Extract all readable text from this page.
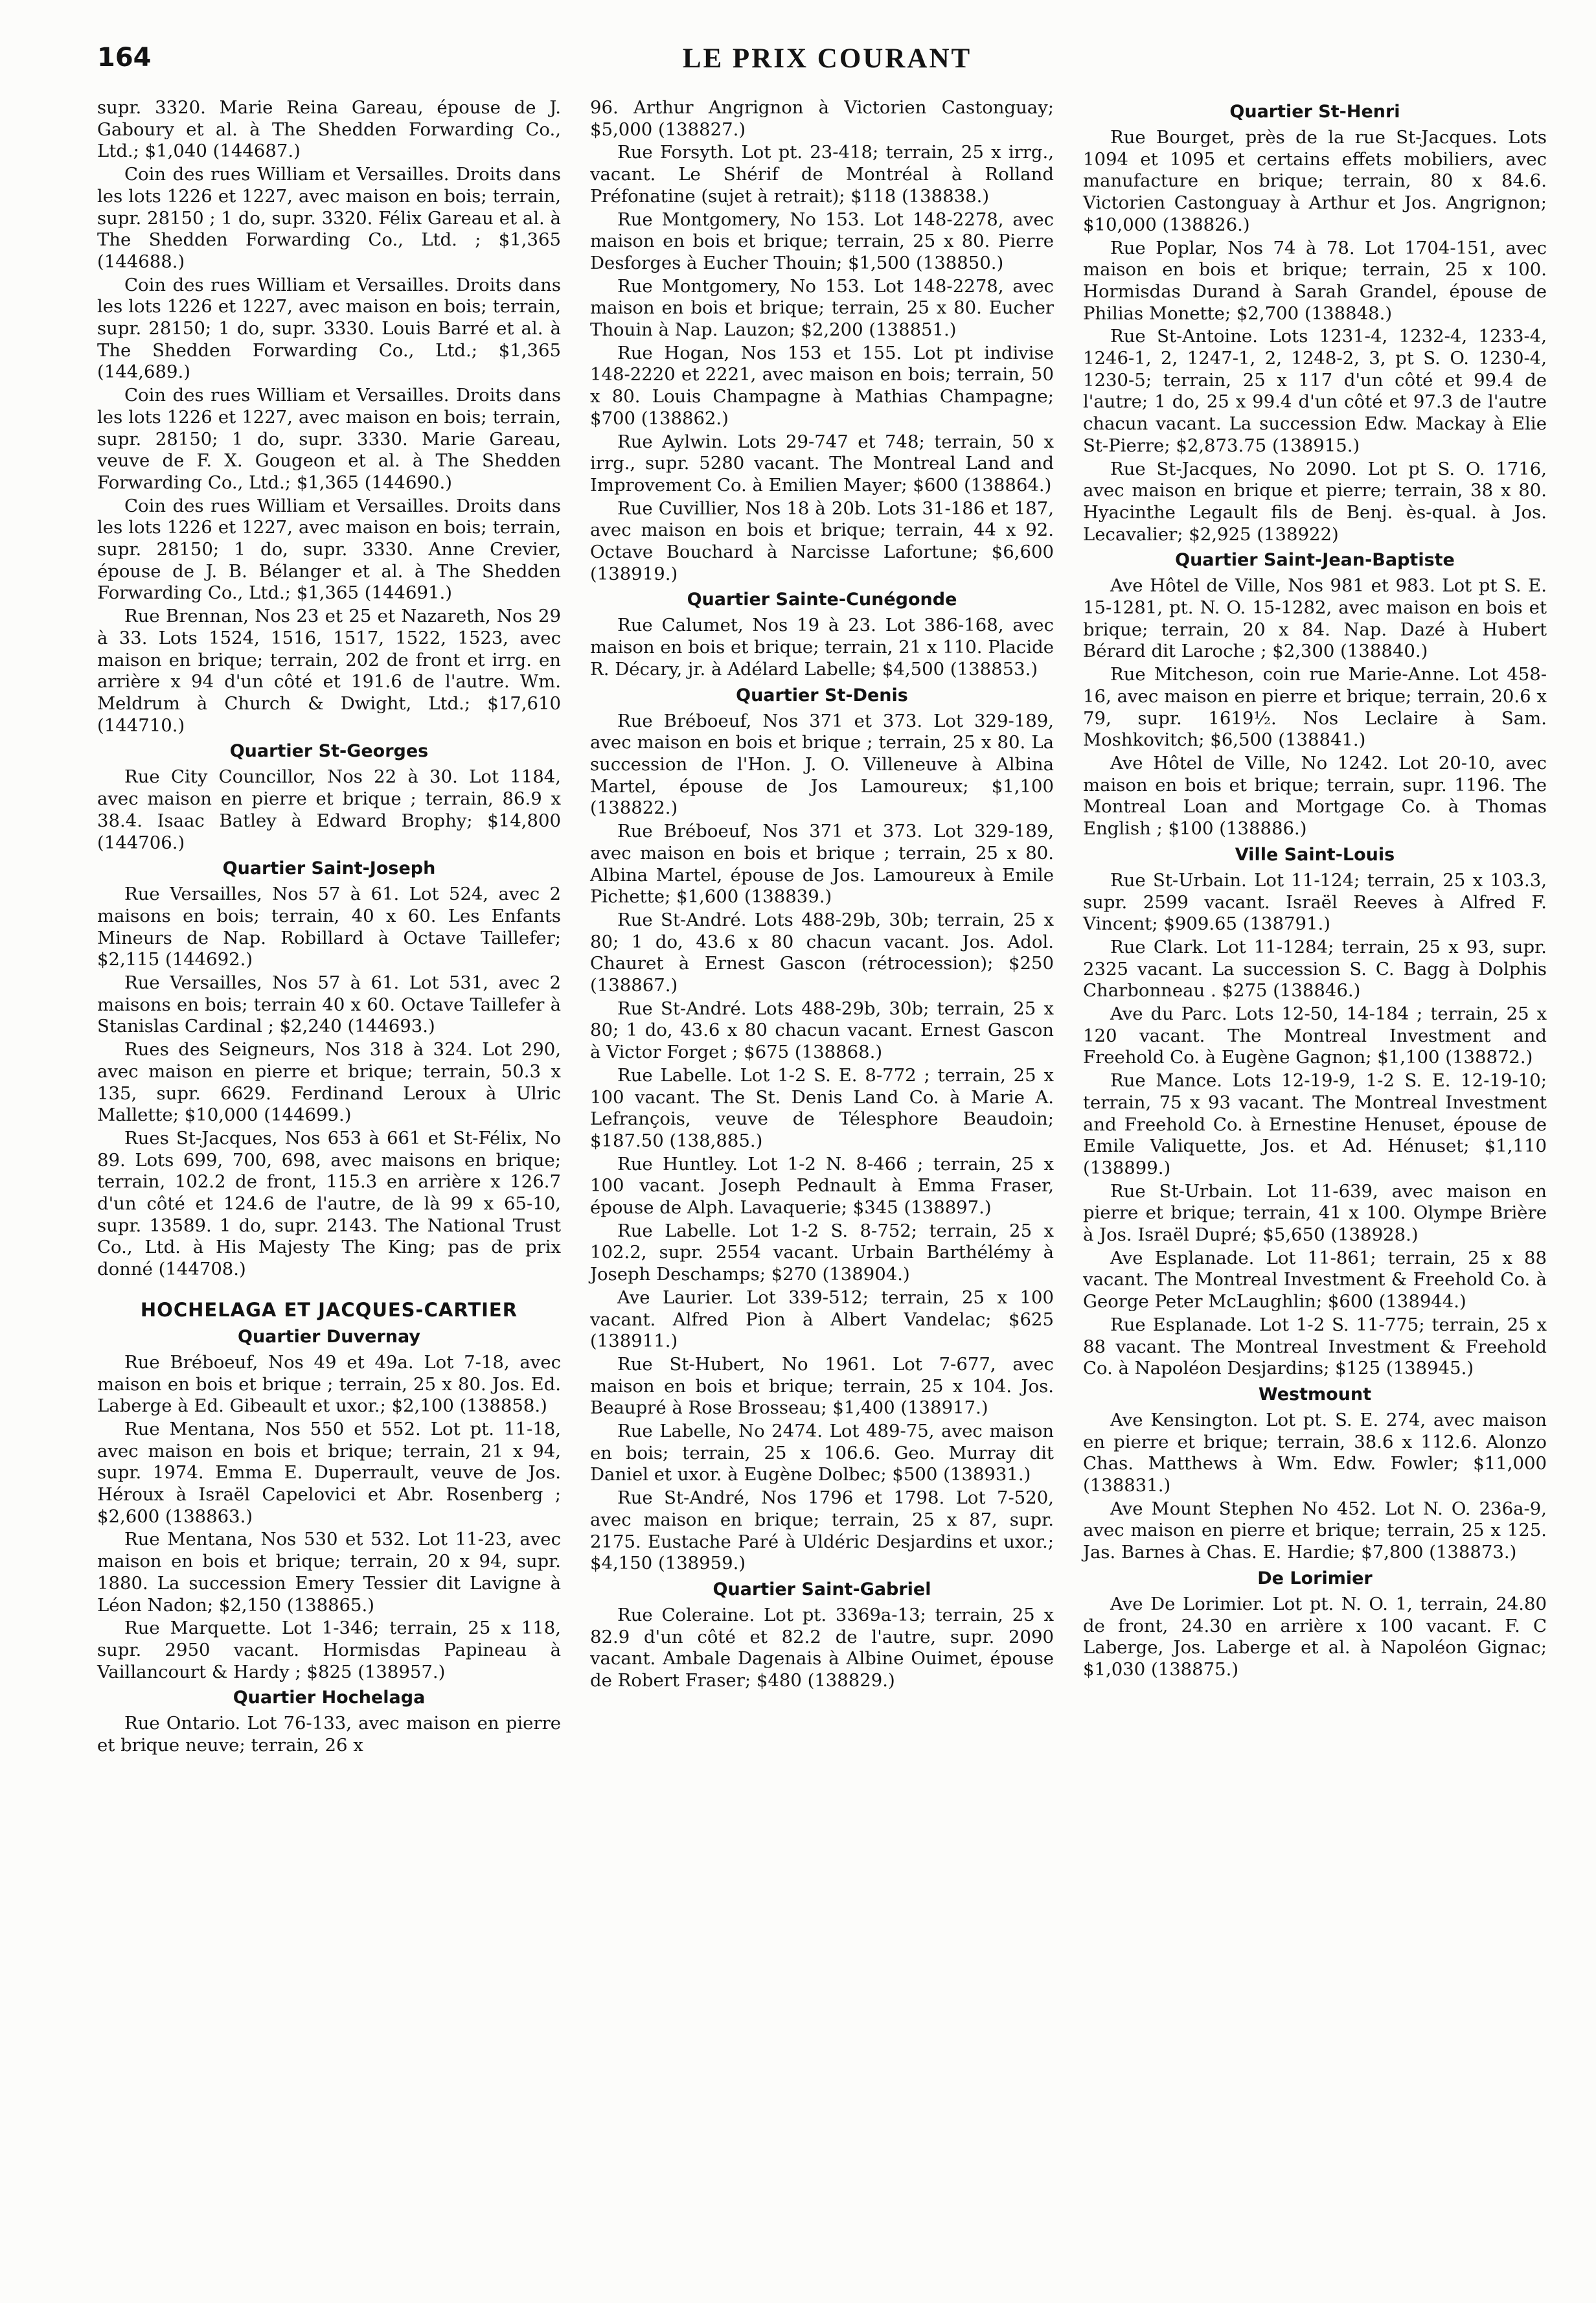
164	LE PRIX COURANT

supr. 3320. Marie Reina Gareau, épouse de J. Gaboury et al. à The Shedden Forwarding Co., Ltd.; $1,040 (144687.)

Coin des rues William et Versailles. Droits dans les lots 1226 et 1227, avec maison en bois; terrain, supr. 28150 ; 1 do, supr. 3320. Félix Gareau et al. à The Shedden Forwarding Co., Ltd. ; $1,365 (144688.)

Coin des rues William et Versailles. Droits dans les lots 1226 et 1227, avec maison en bois; terrain, supr. 28150; 1 do, supr. 3330. Louis Barré et al. à The Shedden Forwarding Co., Ltd.; $1,365 (144,689.)

Coin des rues William et Versailles. Droits dans les lots 1226 et 1227, avec maison en bois; terrain, supr. 28150; 1 do, supr. 3330. Marie Gareau, veuve de F. X. Gougeon et al. à The Shedden Forwarding Co., Ltd.; $1,365 (144690.)

Coin des rues William et Versailles. Droits dans les lots 1226 et 1227, avec maison en bois; terrain, supr. 28150; 1 do, supr. 3330. Anne Crevier, épouse de J. B. Bélanger et al. à The Shedden Forwarding Co., Ltd.; $1,365 (144691.)

Rue Brennan, Nos 23 et 25 et Nazareth, Nos 29 à 33. Lots 1524, 1516, 1517, 1522, 1523, avec maison en brique; terrain, 202 de front et irrg. en arrière x 94 d'un côté et 191.6 de l'autre. Wm. Meldrum à Church & Dwight, Ltd.; $17,610 (144710.)

Quartier St-Georges

Rue City Councillor, Nos 22 à 30. Lot 1184, avec maison en pierre et brique ; terrain, 86.9 x 38.4. Isaac Batley à Edward Brophy; $14,800 (144706.)

Quartier Saint-Joseph

Rue Versailles, Nos 57 à 61. Lot 524, avec 2 maisons en bois; terrain, 40 x 60. Les Enfants Mineurs de Nap. Robillard à Octave Taillefer; $2,115 (144692.)

Rue Versailles, Nos 57 à 61. Lot 531, avec 2 maisons en bois; terrain 40 x 60. Octave Taillefer à Stanislas Cardinal ; $2,240 (144693.)

Rues des Seigneurs, Nos 318 à 324. Lot 290, avec maison en pierre et brique; terrain, 50.3 x 135, supr. 6629. Ferdinand Leroux à Ulric Mallette; $10,000 (144699.)

Rues St-Jacques, Nos 653 à 661 et St-Félix, No 89. Lots 699, 700, 698, avec maisons en brique; terrain, 102.2 de front, 115.3 en arrière x 126.7 d'un côté et 124.6 de l'autre, de là 99 x 65-10, supr. 13589. 1 do, supr. 2143. The National Trust Co., Ltd. à His Majesty The King; pas de prix donné (144708.)

HOCHELAGA ET JACQUES-CARTIER
Quartier Duvernay

Rue Bréboeuf, Nos 49 et 49a. Lot 7-18, avec maison en bois et brique ; terrain, 25 x 80. Jos. Ed. Laberge à Ed. Gibeault et uxor.; $2,100 (138858.)

Rue Mentana, Nos 550 et 552. Lot pt. 11-18, avec maison en bois et brique; terrain, 21 x 94, supr. 1974. Emma E. Duperrault, veuve de Jos. Héroux à Israël Capelovici et Abr. Rosenberg ; $2,600 (138863.)

Rue Mentana, Nos 530 et 532. Lot 11-23, avec maison en bois et brique; terrain, 20 x 94, supr. 1880. La succession Emery Tessier dit Lavigne à Léon Nadon; $2,150 (138865.)

Rue Marquette. Lot 1-346; terrain, 25 x 118, supr. 2950 vacant. Hormisdas Papineau à Vaillancourt & Hardy ; $825 (138957.)

Quartier Hochelaga

Rue Ontario. Lot 76-133, avec maison en pierre et brique neuve; terrain, 26 x

96. Arthur Angrignon à Victorien Castonguay; $5,000 (138827.)

Rue Forsyth. Lot pt. 23-418; terrain, 25 x irrg., vacant. Le Shérif de Montréal à Rolland Préfonatine (sujet à retrait); $118 (138838.)

Rue Montgomery, No 153. Lot 148-2278, avec maison en bois et brique; terrain, 25 x 80. Pierre Desforges à Eucher Thouin; $1,500 (138850.)

Rue Montgomery, No 153. Lot 148-2278, avec maison en bois et brique; terrain, 25 x 80. Eucher Thouin à Nap. Lauzon; $2,200 (138851.)

Rue Hogan, Nos 153 et 155. Lot pt indivise 148-2220 et 2221, avec maison en bois; terrain, 50 x 80. Louis Champagne à Mathias Champagne; $700 (138862.)

Rue Aylwin. Lots 29-747 et 748; terrain, 50 x irrg., supr. 5280 vacant. The Montreal Land and Improvement Co. à Emilien Mayer; $600 (138864.)

Rue Cuvillier, Nos 18 à 20b. Lots 31-186 et 187, avec maison en bois et brique; terrain, 44 x 92. Octave Bouchard à Narcisse Lafortune; $6,600 (138919.)

Quartier Sainte-Cunégonde

Rue Calumet, Nos 19 à 23. Lot 386-168, avec maison en bois et brique; terrain, 21 x 110. Placide R. Décary, jr. à Adélard Labelle; $4,500 (138853.)

Quartier St-Denis

Rue Bréboeuf, Nos 371 et 373. Lot 329-189, avec maison en bois et brique ; terrain, 25 x 80. La succession de l'Hon. J. O. Villeneuve à Albina Martel, épouse de Jos Lamoureux; $1,100 (138822.)

Rue Bréboeuf, Nos 371 et 373. Lot 329-189, avec maison en bois et brique ; terrain, 25 x 80. Albina Martel, épouse de Jos. Lamoureux à Emile Pichette; $1,600 (138839.)

Rue St-André. Lots 488-29b, 30b; terrain, 25 x 80; 1 do, 43.6 x 80 chacun vacant. Jos. Adol. Chauret à Ernest Gascon (rétrocession); $250 (138867.)

Rue St-André. Lots 488-29b, 30b; terrain, 25 x 80; 1 do, 43.6 x 80 chacun vacant. Ernest Gascon à Victor Forget ; $675 (138868.)

Rue Labelle. Lot 1-2 S. E. 8-772 ; terrain, 25 x 100 vacant. The St. Denis Land Co. à Marie A. Lefrançois, veuve de Télesphore Beaudoin; $187.50 (138,885.)

Rue Huntley. Lot 1-2 N. 8-466 ; terrain, 25 x 100 vacant. Joseph Pednault à Emma Fraser, épouse de Alph. Lavaquerie; $345 (138897.)

Rue Labelle. Lot 1-2 S. 8-752; terrain, 25 x 102.2, supr. 2554 vacant. Urbain Barthélémy à Joseph Deschamps; $270 (138904.)

Ave Laurier. Lot 339-512; terrain, 25 x 100 vacant. Alfred Pion à Albert Vandelac; $625 (138911.)

Rue St-Hubert, No 1961. Lot 7-677, avec maison en bois et brique; terrain, 25 x 104. Jos. Beaupré à Rose Brosseau; $1,400 (138917.)

Rue Labelle, No 2474. Lot 489-75, avec maison en bois; terrain, 25 x 106.6. Geo. Murray dit Daniel et uxor. à Eugène Dolbec; $500 (138931.)

Rue St-André, Nos 1796 et 1798. Lot 7-520, avec maison en brique; terrain, 25 x 87, supr. 2175. Eustache Paré à Uldéric Desjardins et uxor.; $4,150 (138959.)

Quartier Saint-Gabriel

Rue Coleraine. Lot pt. 3369a-13; terrain, 25 x 82.9 d'un côté et 82.2 de l'autre, supr. 2090 vacant. Ambale Dagenais à Albine Ouimet, épouse de Robert Fraser; $480 (138829.)

Quartier St-Henri

Rue Bourget, près de la rue St-Jacques. Lots 1094 et 1095 et certains effets mobiliers, avec manufacture en brique; terrain, 80 x 84.6. Victorien Castonguay à Arthur et Jos. Angrignon; $10,000 (138826.)

Rue Poplar, Nos 74 à 78. Lot 1704-151, avec maison en bois et brique; terrain, 25 x 100. Hormisdas Durand à Sarah Grandel, épouse de Philias Monette; $2,700 (138848.)

Rue St-Antoine. Lots 1231-4, 1232-4, 1233-4, 1246-1, 2, 1247-1, 2, 1248-2, 3, pt S. O. 1230-4, 1230-5; terrain, 25 x 117 d'un côté et 99.4 de l'autre; 1 do, 25 x 99.4 d'un côté et 97.3 de l'autre chacun vacant. La succession Edw. Mackay à Elie St-Pierre; $2,873.75 (138915.)

Rue St-Jacques, No 2090. Lot pt S. O. 1716, avec maison en brique et pierre; terrain, 38 x 80. Hyacinthe Legault fils de Benj. ès-qual. à Jos. Lecavalier; $2,925 (138922)

Quartier Saint-Jean-Baptiste

Ave Hôtel de Ville, Nos 981 et 983. Lot pt S. E. 15-1281, pt. N. O. 15-1282, avec maison en bois et brique; terrain, 20 x 84. Nap. Dazé à Hubert Bérard dit Laroche ; $2,300 (138840.)

Rue Mitcheson, coin rue Marie-Anne. Lot 458-16, avec maison en pierre et brique; terrain, 20.6 x 79, supr. 1619½. Nos Leclaire à Sam. Moshkovitch; $6,500 (138841.)

Ave Hôtel de Ville, No 1242. Lot 20-10, avec maison en bois et brique; terrain, supr. 1196. The Montreal Loan and Mortgage Co. à Thomas English ; $100 (138886.)

Ville Saint-Louis

Rue St-Urbain. Lot 11-124; terrain, 25 x 103.3, supr. 2599 vacant. Israël Reeves à Alfred F. Vincent; $909.65 (138791.)

Rue Clark. Lot 11-1284; terrain, 25 x 93, supr. 2325 vacant. La succession S. C. Bagg à Dolphis Charbonneau . $275 (138846.)

Ave du Parc. Lots 12-50, 14-184 ; terrain, 25 x 120 vacant. The Montreal Investment and Freehold Co. à Eugène Gagnon; $1,100 (138872.)

Rue Mance. Lots 12-19-9, 1-2 S. E. 12-19-10; terrain, 75 x 93 vacant. The Montreal Investment and Freehold Co. à Ernestine Henuset, épouse de Emile Valiquette, Jos. et Ad. Hénuset; $1,110 (138899.)

Rue St-Urbain. Lot 11-639, avec maison en pierre et brique; terrain, 41 x 100. Olympe Brière à Jos. Israël Dupré; $5,650 (138928.)

Ave Esplanade. Lot 11-861; terrain, 25 x 88 vacant. The Montreal Investment & Freehold Co. à George Peter McLaughlin; $600 (138944.)

Rue Esplanade. Lot 1-2 S. 11-775; terrain, 25 x 88 vacant. The Montreal Investment & Freehold Co. à Napoléon Desjardins; $125 (138945.)

Westmount

Ave Kensington. Lot pt. S. E. 274, avec maison en pierre et brique; terrain, 38.6 x 112.6. Alonzo Chas. Matthews à Wm. Edw. Fowler; $11,000 (138831.)

Ave Mount Stephen No 452. Lot N. O. 236a-9, avec maison en pierre et brique; terrain, 25 x 125. Jas. Barnes à Chas. E. Hardie; $7,800 (138873.)

De Lorimier

Ave De Lorimier. Lot pt. N. O. 1, terrain, 24.80 de front, 24.30 en arrière x 100 vacant. F. C Laberge, Jos. Laberge et al. à Napoléon Gignac; $1,030 (138875.)
